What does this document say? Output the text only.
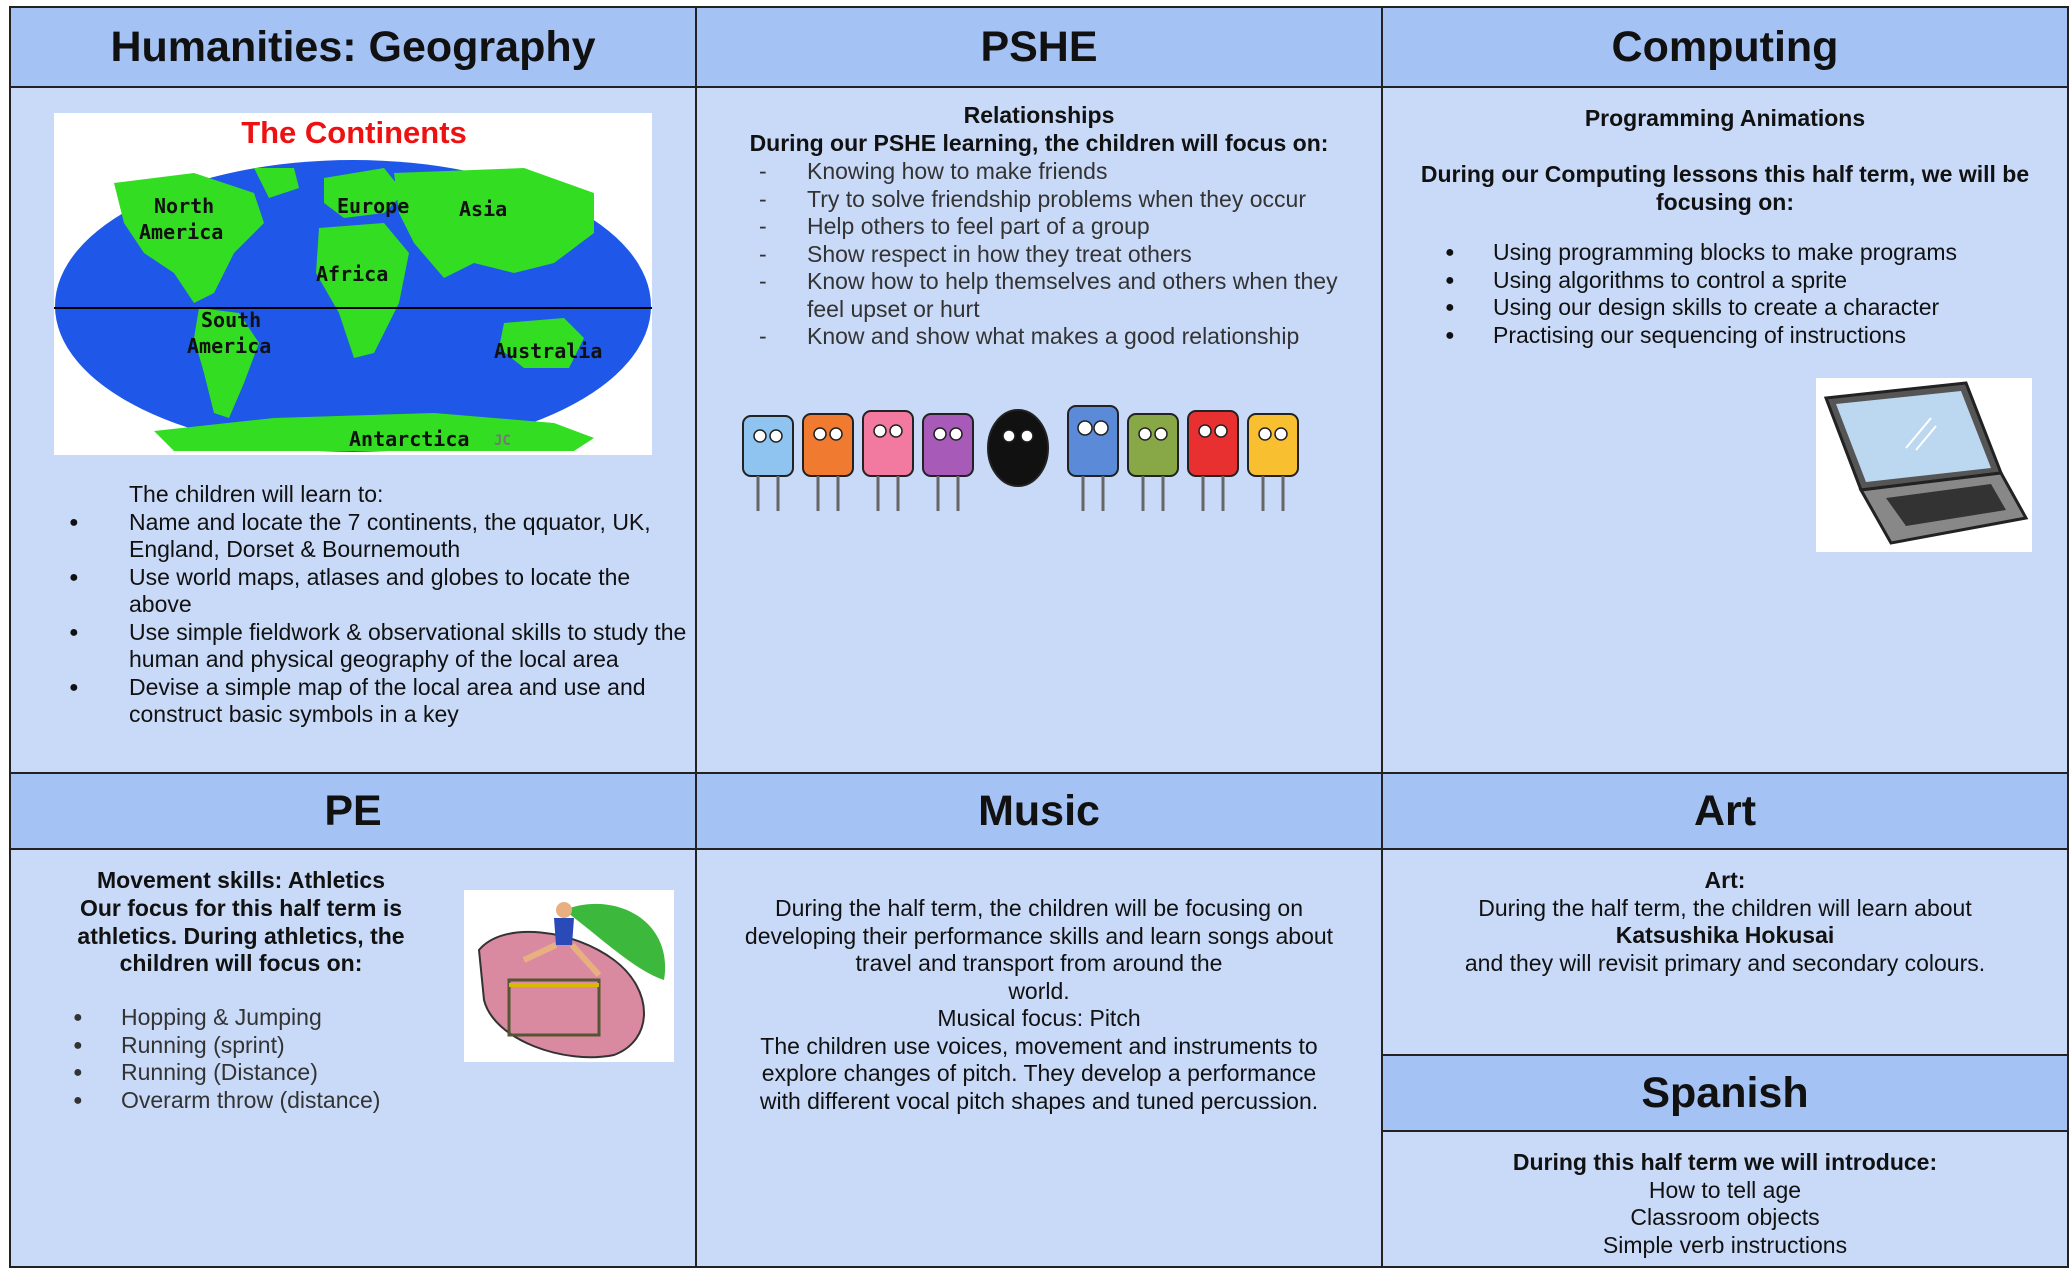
Humanities: Geography	PSHE	Computing
The Continents
North
America
Europe Asia
Africa
South
America	Australia
Antarctica JC
The children will learn to:
● Name and locate the 7 continents, the qquator, UK, England, Dorset & Bournemouth
● Use world maps, atlases and globes to locate the above
● Use simple fieldwork & observational skills to study the human and physical geography of the local area
● Devise a simple map of the local area and use and construct basic symbols in a key
Relationships
During our PSHE learning, the children will focus on:
- Knowing how to make friends
- Try to solve friendship problems when they occur
- Help others to feel part of a group
- Show respect in how they treat others
- Know how to help themselves and others when they feel upset or hurt
- Know and show what makes a good relationship
Programming Animations
During our Computing lessons this half term, we will be focusing on:
● Using programming blocks to make programs
● Using algorithms to control a sprite
● Using our design skills to create a character
● Practising our sequencing of instructions
PE	Music	Art
Movement skills: Athletics
Our focus for this half term is athletics. During athletics, the children will focus on:
● Hopping & Jumping
● Running (sprint)
● Running (Distance)
● Overarm throw (distance)
During the half term, the children will be focusing on developing their performance skills and learn songs about travel and transport from around the
world.
Musical focus: Pitch
The children use voices, movement and instruments to explore changes of pitch. They develop a performance with different vocal pitch shapes and tuned percussion.
Art:
During the half term, the children will learn about
Katsushika Hokusai
and they will revisit primary and secondary colours.
Spanish
During this half term we will introduce:
How to tell age
Classroom objects
Simple verb instructions
